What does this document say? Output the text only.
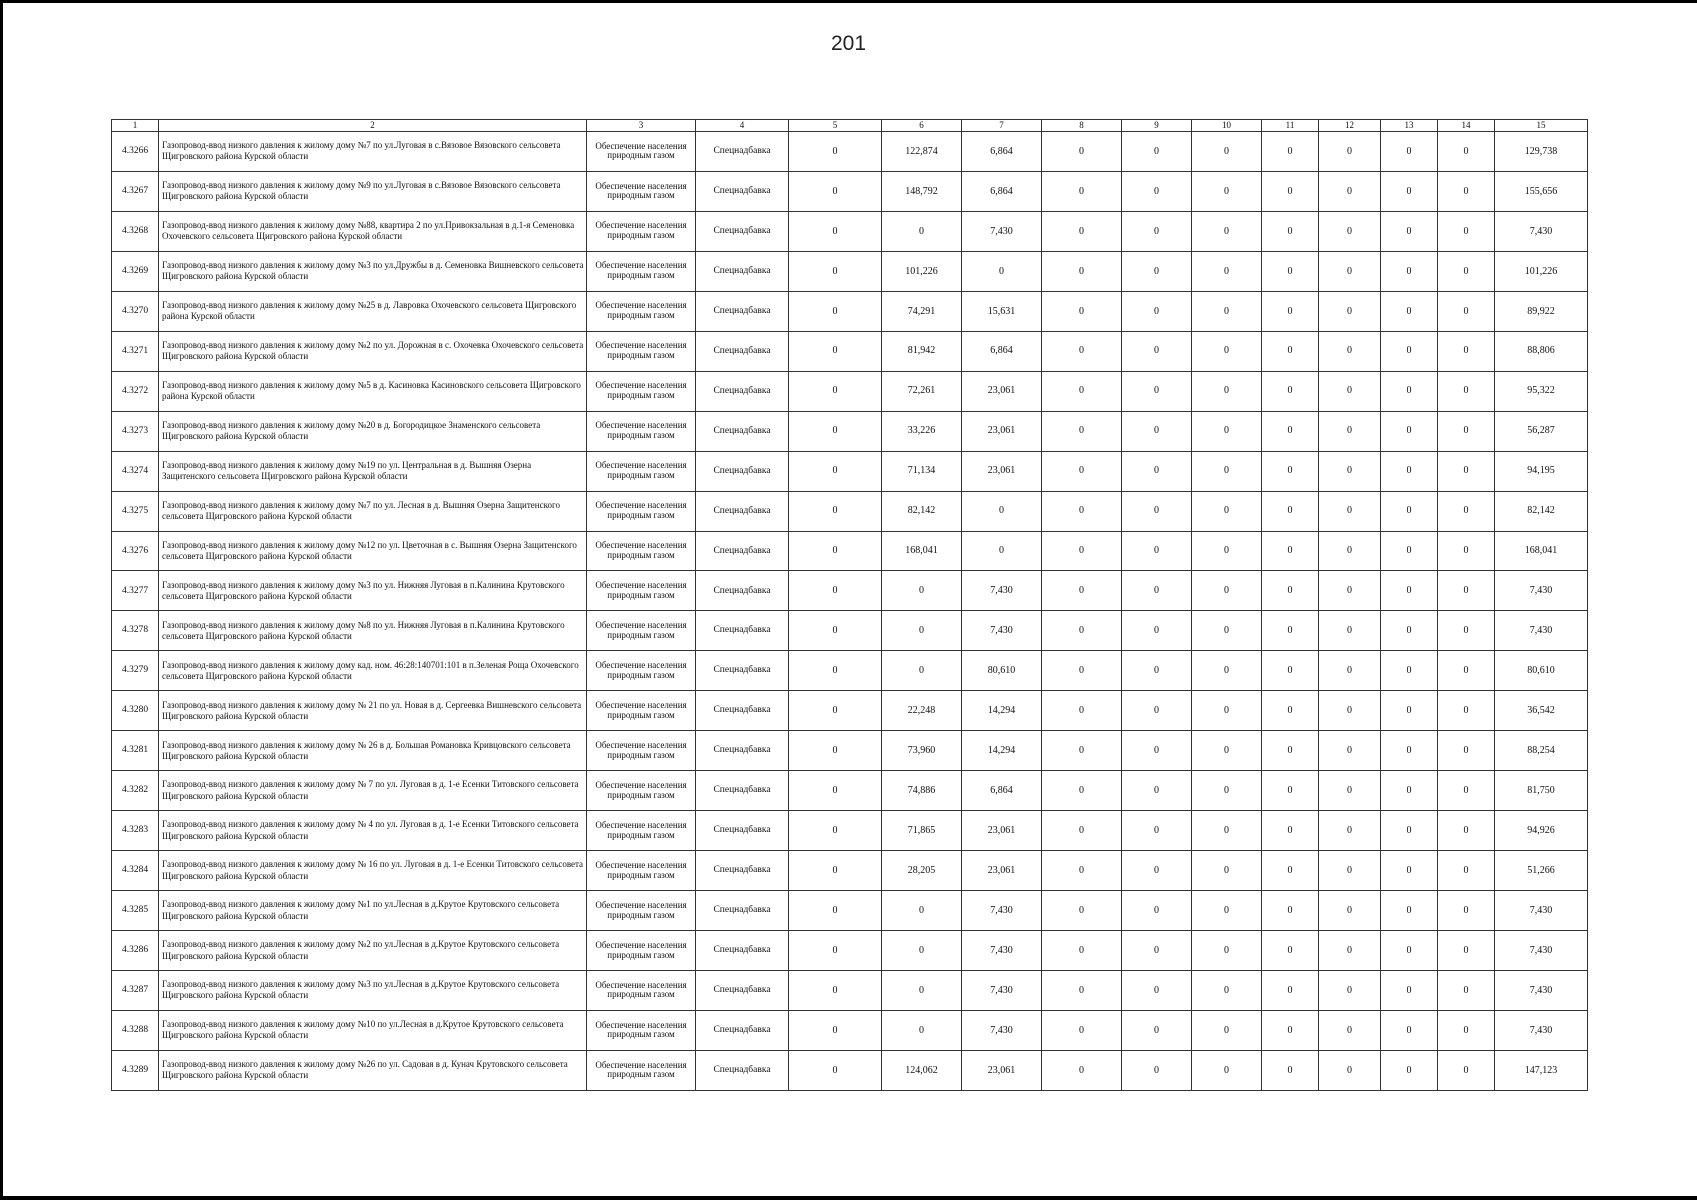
201
1	2	3	4	5	6	7	8	9	10	11	12	13	14	15
4.3266	Газопровод-ввод низкого давления к жилому дому №7 по ул.Луговая в с.Вязовое Вязовского сельсовета Щигровского района Курской области	Обеспечение населения природным газом	Спецнадбавка	0	122,874	6,864	0	0	0	0	0	0	0	129,738
4.3267	Газопровод-ввод низкого давления к жилому дому №9 по ул.Луговая в с.Вязовое Вязовского сельсовета Щигровского района Курской области	Обеспечение населения природным газом	Спецнадбавка	0	148,792	6,864	0	0	0	0	0	0	0	155,656
4.3268	Газопровод-ввод низкого давления к жилому дому №88, квартира 2 по ул.Привокзальная в д.1-я Семеновка Охочевского сельсовета Щигровского района Курской области	Обеспечение населения природным газом	Спецнадбавка	0	0	7,430	0	0	0	0	0	0	0	7,430
4.3269	Газопровод-ввод низкого давления к жилому дому №3 по ул.Дружбы в д. Семеновка Вишневского сельсовета Щигровского района Курской области	Обеспечение населения природным газом	Спецнадбавка	0	101,226	0	0	0	0	0	0	0	0	101,226
4.3270	Газопровод-ввод низкого давления к жилому дому №25 в д. Лавровка Охочевского сельсовета Щигровского района Курской области	Обеспечение населения природным газом	Спецнадбавка	0	74,291	15,631	0	0	0	0	0	0	0	89,922
4.3271	Газопровод-ввод низкого давления к жилому дому №2 по ул. Дорожная в с. Охочевка Охочевского сельсовета Щигровского района Курской области	Обеспечение населения природным газом	Спецнадбавка	0	81,942	6,864	0	0	0	0	0	0	0	88,806
4.3272	Газопровод-ввод низкого давления к жилому дому №5 в д. Касиновка Касиновского сельсовета Щигровского района Курской области	Обеспечение населения природным газом	Спецнадбавка	0	72,261	23,061	0	0	0	0	0	0	0	95,322
4.3273	Газопровод-ввод низкого давления к жилому дому №20 в д. Богородицкое Знаменского сельсовета Щигровского района Курской области	Обеспечение населения природным газом	Спецнадбавка	0	33,226	23,061	0	0	0	0	0	0	0	56,287
4.3274	Газопровод-ввод низкого давления к жилому дому №19 по ул. Центральная в д. Вышняя Озерна Защитенского сельсовета Щигровского района Курской области	Обеспечение населения природным газом	Спецнадбавка	0	71,134	23,061	0	0	0	0	0	0	0	94,195
4.3275	Газопровод-ввод низкого давления к жилому дому №7 по ул. Лесная в д. Вышняя Озерна Защитенского сельсовета Щигровского района Курской области	Обеспечение населения природным газом	Спецнадбавка	0	82,142	0	0	0	0	0	0	0	0	82,142
4.3276	Газопровод-ввод низкого давления к жилому дому №12 по ул. Цветочная в с. Вышняя Озерна Защитенского сельсовета Щигровского района Курской области	Обеспечение населения природным газом	Спецнадбавка	0	168,041	0	0	0	0	0	0	0	0	168,041
4.3277	Газопровод-ввод низкого давления к жилому дому №3 по ул. Нижняя Луговая в п.Калинина Крутовского сельсовета Щигровского района Курской области	Обеспечение населения природным газом	Спецнадбавка	0	0	7,430	0	0	0	0	0	0	0	7,430
4.3278	Газопровод-ввод низкого давления к жилому дому №8 по ул. Нижняя Луговая в п.Калинина Крутовского сельсовета Щигровского района Курской области	Обеспечение населения природным газом	Спецнадбавка	0	0	7,430	0	0	0	0	0	0	0	7,430
4.3279	Газопровод-ввод низкого давления к жилому дому кад. ном. 46:28:140701:101 в п.Зеленая Роща Охочевского сельсовета Щигровского района Курской области	Обеспечение населения природным газом	Спецнадбавка	0	0	80,610	0	0	0	0	0	0	0	80,610
4.3280	Газопровод-ввод низкого давления к жилому дому № 21 по ул. Новая в д. Сергеевка Вишневского сельсовета Щигровского района Курской области	Обеспечение населения природным газом	Спецнадбавка	0	22,248	14,294	0	0	0	0	0	0	0	36,542
4.3281	Газопровод-ввод низкого давления к жилому дому № 26 в д. Большая Романовка Кривцовского сельсовета Щигровского района Курской области	Обеспечение населения природным газом	Спецнадбавка	0	73,960	14,294	0	0	0	0	0	0	0	88,254
4.3282	Газопровод-ввод низкого давления к жилому дому № 7 по ул. Луговая в д. 1-е Есенки Титовского сельсовета Щигровского района Курской области	Обеспечение населения природным газом	Спецнадбавка	0	74,886	6,864	0	0	0	0	0	0	0	81,750
4.3283	Газопровод-ввод низкого давления к жилому дому № 4 по ул. Луговая в д. 1-е Есенки Титовского сельсовета Щигровского района Курской области	Обеспечение населения природным газом	Спецнадбавка	0	71,865	23,061	0	0	0	0	0	0	0	94,926
4.3284	Газопровод-ввод низкого давления к жилому дому № 16 по ул. Луговая в д. 1-е Есенки Титовского сельсовета Щигровского района Курской области	Обеспечение населения природным газом	Спецнадбавка	0	28,205	23,061	0	0	0	0	0	0	0	51,266
4.3285	Газопровод-ввод низкого давления к жилому дому №1 по ул.Лесная в д.Крутое Крутовского сельсовета Щигровского района Курской области	Обеспечение населения природным газом	Спецнадбавка	0	0	7,430	0	0	0	0	0	0	0	7,430
4.3286	Газопровод-ввод низкого давления к жилому дому №2 по ул.Лесная в д.Крутое Крутовского сельсовета Щигровского района Курской области	Обеспечение населения природным газом	Спецнадбавка	0	0	7,430	0	0	0	0	0	0	0	7,430
4.3287	Газопровод-ввод низкого давления к жилому дому №3 по ул.Лесная в д.Крутое Крутовского сельсовета Щигровского района Курской области	Обеспечение населения природным газом	Спецнадбавка	0	0	7,430	0	0	0	0	0	0	0	7,430
4.3288	Газопровод-ввод низкого давления к жилому дому №10 по ул.Лесная в д.Крутое Крутовского сельсовета Щигровского района Курской области	Обеспечение населения природным газом	Спецнадбавка	0	0	7,430	0	0	0	0	0	0	0	7,430
4.3289	Газопровод-ввод низкого давления к жилому дому №26 по ул. Садовая в д. Кунач Крутовского сельсовета Щигровского района Курской области	Обеспечение населения природным газом	Спецнадбавка	0	124,062	23,061	0	0	0	0	0	0	0	147,123
